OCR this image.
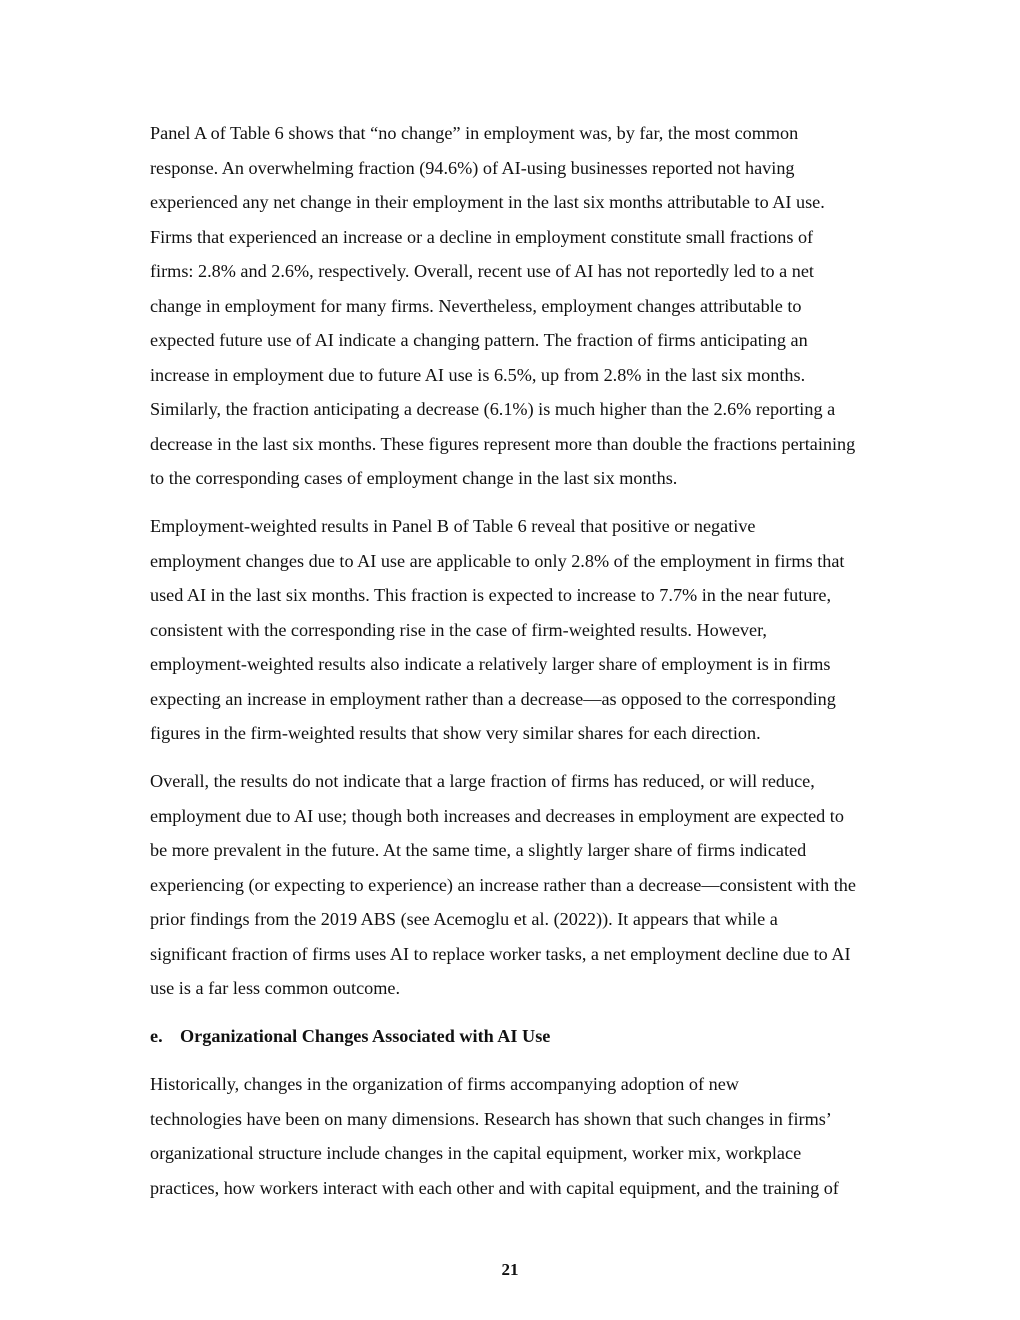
Panel A of Table 6 shows that “no change” in employment was, by far, the most common
response. An overwhelming fraction (94.6%) of AI-using businesses reported not having
experienced any net change in their employment in the last six months attributable to AI use.
Firms that experienced an increase or a decline in employment constitute small fractions of
firms: 2.8% and 2.6%, respectively. Overall, recent use of AI has not reportedly led to a net
change in employment for many firms. Nevertheless, employment changes attributable to
expected future use of AI indicate a changing pattern. The fraction of firms anticipating an
increase in employment due to future AI use is 6.5%, up from 2.8% in the last six months.
Similarly, the fraction anticipating a decrease (6.1%) is much higher than the 2.6% reporting a
decrease in the last six months. These figures represent more than double the fractions pertaining
to the corresponding cases of employment change in the last six months.

Employment-weighted results in Panel B of Table 6 reveal that positive or negative
employment changes due to AI use are applicable to only 2.8% of the employment in firms that
used AI in the last six months. This fraction is expected to increase to 7.7% in the near future,
consistent with the corresponding rise in the case of firm-weighted results. However,
employment-weighted results also indicate a relatively larger share of employment is in firms
expecting an increase in employment rather than a decrease—as opposed to the corresponding
figures in the firm-weighted results that show very similar shares for each direction.

Overall, the results do not indicate that a large fraction of firms has reduced, or will reduce,
employment due to AI use; though both increases and decreases in employment are expected to
be more prevalent in the future. At the same time, a slightly larger share of firms indicated
experiencing (or expecting to experience) an increase rather than a decrease—consistent with the
prior findings from the 2019 ABS (see Acemoglu et al. (2022)). It appears that while a
significant fraction of firms uses AI to replace worker tasks, a net employment decline due to AI
use is a far less common outcome.

e. Organizational Changes Associated with AI Use

Historically, changes in the organization of firms accompanying adoption of new
technologies have been on many dimensions. Research has shown that such changes in firms’
organizational structure include changes in the capital equipment, worker mix, workplace
practices, how workers interact with each other and with capital equipment, and the training of

21
